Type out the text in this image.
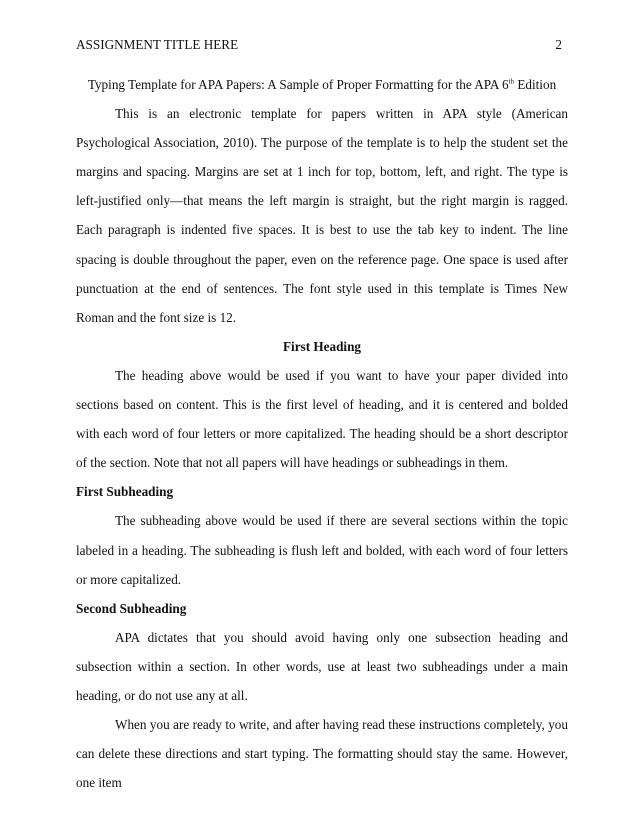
ASSIGNMENT TITLE HERE	2
Typing Template for APA Papers: A Sample of Proper Formatting for the APA 6th Edition

This is an electronic template for papers written in APA style (American Psychological Association, 2010). The purpose of the template is to help the student set the margins and spacing. Margins are set at 1 inch for top, bottom, left, and right. The type is left-justified only—that means the left margin is straight, but the right margin is ragged. Each paragraph is indented five spaces. It is best to use the tab key to indent. The line spacing is double throughout the paper, even on the reference page. One space is used after punctuation at the end of sentences. The font style used in this template is Times New Roman and the font size is 12.

First Heading

The heading above would be used if you want to have your paper divided into sections based on content. This is the first level of heading, and it is centered and bolded with each word of four letters or more capitalized. The heading should be a short descriptor of the section. Note that not all papers will have headings or subheadings in them.

First Subheading

The subheading above would be used if there are several sections within the topic labeled in a heading. The subheading is flush left and bolded, with each word of four letters or more capitalized.

Second Subheading

APA dictates that you should avoid having only one subsection heading and subsection within a section. In other words, use at least two subheadings under a main heading, or do not use any at all.

When you are ready to write, and after having read these instructions completely, you can delete these directions and start typing. The formatting should stay the same. However, one item
